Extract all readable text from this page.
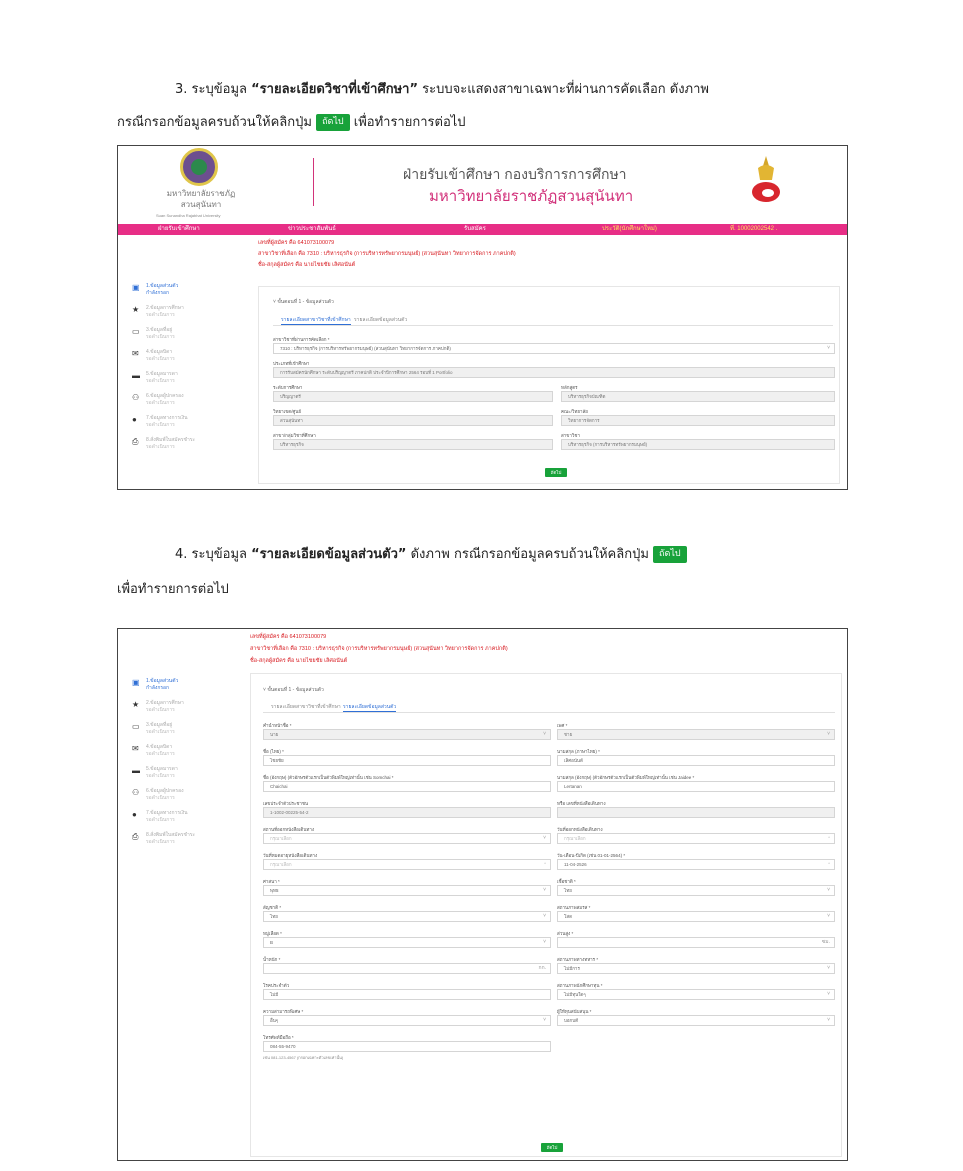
3. ระบุข้อมูล “รายละเอียดวิชาที่เข้าศึกษา” ระบบจะแสดงสาขาเฉพาะที่ผ่านการคัดเลือก ดังภาพ
กรณีกรอกข้อมูลครบถ้วนให้คลิกปุ่ม ถัดไป เพื่อทำรายการต่อไป
มหาวิทยาลัยราชภัฏ สวนสุนันทา
Suan Sunandha Rajabhat University
ฝ่ายรับเข้าศึกษา กองบริการการศึกษา
มหาวิทยาลัยราชภัฏสวนสุนันทา
ฝ่ายรับเข้าศึกษา	ข่าวประชาสัมพันธ์	รับสมัคร	ประวัติ(นักศึกษาใหม่)	ที่. 10002002542 .
เลขที่ผู้สมัคร คือ 641073100079
สาขาวิชาที่เลือก คือ 7310 : บริหารธุรกิจ (การบริหารทรัพยากรมนุษย์) (สวนสุนันทา วิทยาการจัดการ ภาคปกติ)
ชื่อ-สกุลผู้สมัคร คือ นายไชยชัย เลิศอนันต์
▣ 1.ข้อมูลส่วนตัว
กำลังกรอก
★ 2.ข้อมูลการศึกษา
รอดำเนินการ
▭ 3.ข้อมูลที่อยู่
รอดำเนินการ
✉ 4.ข้อมูลบิดา
รอดำเนินการ
▬ 5.ข้อมูลมารดา
รอดำเนินการ
⚇ 6.ข้อมูลผู้ปกครอง
รอดำเนินการ
● 7.ข้อมูลทางการเงิน
รอดำเนินการ
⎙ 8.สั่งพิมพ์ใบสมัครชำระ
รอดำเนินการ
˅ ขั้นตอนที่ 1 - ข้อมูลส่วนตัว
รายละเอียดสาขาวิชาที่เข้าศึกษา รายละเอียดข้อมูลส่วนตัว
สาขาวิชาที่ผ่านการคัดเลือก *
7310 : บริหารธุรกิจ (การบริหารทรัพยากรมนุษย์) (สวนสุนันทา วิทยาการจัดการ ภาคปกติ)	˅
ประเภทที่เข้าศึกษา
การรับสมัครนักศึกษา ระดับปริญญาตรี ภาคปกติ ประจำปีการศึกษา 2564 รอบที่ 1 Portfolio
ระดับการศึกษา
ปริญญาตรี
หลักสูตร
บริหารธุรกิจบัณฑิต
วิทยาเขต/ศูนย์
สวนสุนันทา
คณะ/วิทยาลัย
วิทยาการจัดการ
สาขา/กลุ่มวิชาที่ศึกษา
บริหารธุรกิจ
สาขาวิชา
บริหารธุรกิจ (การบริหารทรัพยากรมนุษย์)
ถัดไป
4. ระบุข้อมูล “รายละเอียดข้อมูลส่วนตัว” ดังภาพ กรณีกรอกข้อมูลครบถ้วนให้คลิกปุ่ม ถัดไป
เพื่อทำรายการต่อไป
เลขที่ผู้สมัคร คือ 641073100079
สาขาวิชาที่เลือก คือ 7310 : บริหารธุรกิจ (การบริหารทรัพยากรมนุษย์) (สวนสุนันทา วิทยาการจัดการ ภาคปกติ)
ชื่อ-สกุลผู้สมัคร คือ นายไชยชัย เลิศอนันต์
▣ 1.ข้อมูลส่วนตัว
กำลังกรอก
★ 2.ข้อมูลการศึกษา
รอดำเนินการ
▭ 3.ข้อมูลที่อยู่
รอดำเนินการ
✉ 4.ข้อมูลบิดา
รอดำเนินการ
▬ 5.ข้อมูลมารดา
รอดำเนินการ
⚇ 6.ข้อมูลผู้ปกครอง
รอดำเนินการ
● 7.ข้อมูลทางการเงิน
รอดำเนินการ
⎙ 8.สั่งพิมพ์ใบสมัครชำระ
รอดำเนินการ
˅ ขั้นตอนที่ 1 - ข้อมูลส่วนตัว
รายละเอียดสาขาวิชาที่เข้าศึกษา รายละเอียดข้อมูลส่วนตัว
คำนำหน้าชื่อ *
นาย	˅
เพศ *
ชาย	˅
ชื่อ (ไทย) *
ไชยชัย
นามสกุล (ภาษาไทย) *
เลิศอนันต์
ชื่อ (อังกฤษ) (ตัวอักษรตัวแรกเป็นตัวพิมพ์ใหญ่เท่านั้น เช่น Somchai *
Chaichai
นามสกุล (อังกฤษ) (ตัวอักษรตัวแรกเป็นตัวพิมพ์ใหญ่เท่านั้น เช่น Jaidee *
Lertanan
เลขประจำตัวประชาชน
1-1002-00225-54-2
หรือ เลขที่หนังสือเดินทาง
สถานที่ออกหนังสือเดินทาง
กรุณาเลือก	˅
วันที่ออกหนังสือเดินทาง
กรุณาเลือก	▫
วันที่หมดอายุหนังสือเดินทาง
กรุณาเลือก	▫
วัน-เดือน-ปีเกิด (เช่น 01-01-2564) *
11-04-2526	▫
ศาสนา *
พุทธ	˅
เชื้อชาติ *
ไทย	˅
สัญชาติ *
ไทย	˅
สถานภาพสมรส *
โสด	˅
หมู่เลือด *
B	˅
ส่วนสูง *
ซม.
น้ำหนัก *
กก.
สถานภาพทางทหาร *
ไม่มีการ	˅
โรคประจำตัว
ไม่มี
สถานภาพนักศึกษาทุน *
ไม่มีทุนใดๆ	˅
ความสามารถพิเศษ *
อื่นๆ	˅
ผู้ให้ทุนสนับสนุน *
บอกบดี	˅
โทรศัพท์มือถือ *
084-55-9470
เช่น 081-123-4567 (กรอกเฉพาะตัวเลขเท่านั้น)
ถัดไป
